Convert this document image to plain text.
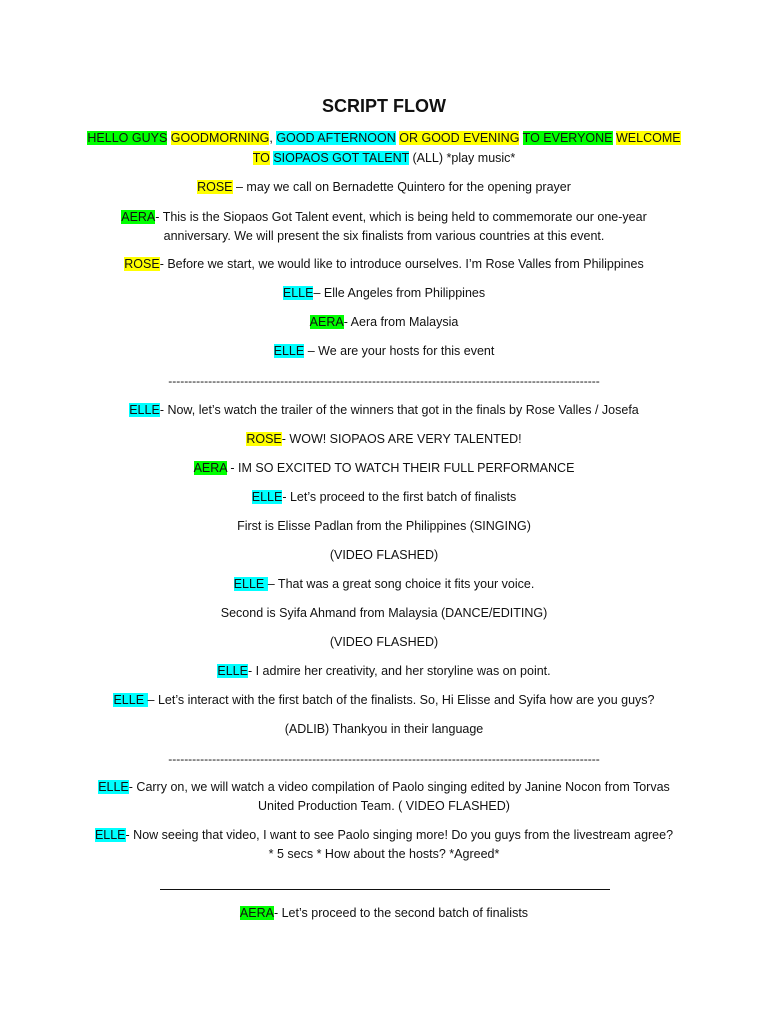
SCRIPT FLOW
HELLO GUYS GOODMORNING, GOOD AFTERNOON OR GOOD EVENING TO EVERYONE WELCOME
TO SIOPAOS GOT TALENT (ALL) *play music*
ROSE – may we call on Bernadette Quintero for the opening prayer
AERA- This is the Siopaos Got Talent event, which is being held to commemorate our one-year
anniversary. We will present the six finalists from various countries at this event.
ROSE- Before we start, we would like to introduce ourselves. I’m Rose Valles from Philippines
ELLE– Elle Angeles from Philippines
AERA- Aera from Malaysia
ELLE – We are your hosts for this event
------------------------------------------------------------------------------------------------------------
ELLE- Now, let’s watch the trailer of the winners that got in the finals by Rose Valles / Josefa
ROSE- WOW! SIOPAOS ARE VERY TALENTED!
AERA - IM SO EXCITED TO WATCH THEIR FULL PERFORMANCE
ELLE- Let’s proceed to the first batch of finalists
First is Elisse Padlan from the Philippines (SINGING)
(VIDEO FLASHED)
ELLE – That was a great song choice it fits your voice.
Second is Syifa Ahmand from Malaysia (DANCE/EDITING)
(VIDEO FLASHED)
ELLE- I admire her creativity, and her storyline was on point.
ELLE – Let’s interact with the first batch of the finalists. So, Hi Elisse and Syifa how are you guys?
(ADLIB) Thankyou in their language
------------------------------------------------------------------------------------------------------------
ELLE- Carry on, we will watch a video compilation of Paolo singing edited by Janine Nocon from Torvas
United Production Team. ( VIDEO FLASHED)
ELLE- Now seeing that video, I want to see Paolo singing more! Do you guys from the livestream agree?
* 5 secs * How about the hosts? *Agreed*
AERA- Let’s proceed to the second batch of finalists
